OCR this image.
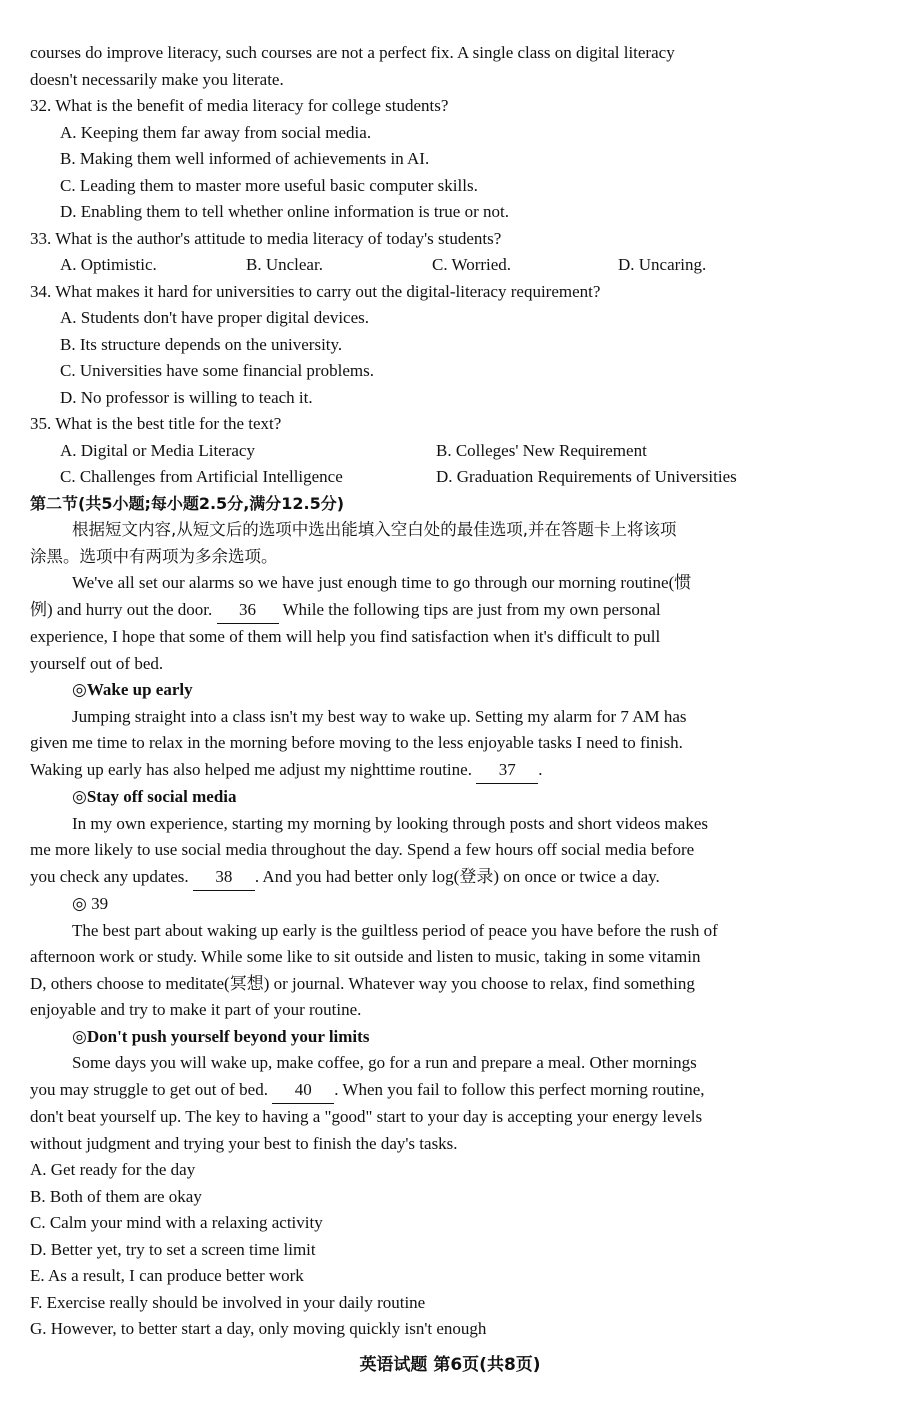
courses do improve literacy, such courses are not a perfect fix. A single class on digital literacy
doesn't necessarily make you literate.
32. What is the benefit of media literacy for college students?
A. Keeping them far away from social media.
B. Making them well informed of achievements in AI.
C. Leading them to master more useful basic computer skills.
D. Enabling them to tell whether online information is true or not.
33. What is the author's attitude to media literacy of today's students?
A. Optimistic.	B. Unclear.	C. Worried.	D. Uncaring.
34. What makes it hard for universities to carry out the digital-literacy requirement?
A. Students don't have proper digital devices.
B. Its structure depends on the university.
C. Universities have some financial problems.
D. No professor is willing to teach it.
35. What is the best title for the text?
A. Digital or Media Literacy	B. Colleges' New Requirement
C. Challenges from Artificial Intelligence	D. Graduation Requirements of Universities
第二节(共5小题;每小题2.5分,满分12.5分)
根据短文内容,从短文后的选项中选出能填入空白处的最佳选项,并在答题卡上将该项
涂黑。选项中有两项为多余选项。
We've all set our alarms so we have just enough time to go through our morning routine(惯
例) and hurry out the door. 36 While the following tips are just from my own personal
experience, I hope that some of them will help you find satisfaction when it's difficult to pull
yourself out of bed.
◎Wake up early
Jumping straight into a class isn't my best way to wake up. Setting my alarm for 7 AM has
given me time to relax in the morning before moving to the less enjoyable tasks I need to finish.
Waking up early has also helped me adjust my nighttime routine. 37 .
◎Stay off social media
In my own experience, starting my morning by looking through posts and short videos makes
me more likely to use social media throughout the day. Spend a few hours off social media before
you check any updates. 38 . And you had better only log(登录) on once or twice a day.
◎ 39
The best part about waking up early is the guiltless period of peace you have before the rush of
afternoon work or study. While some like to sit outside and listen to music, taking in some vitamin
D, others choose to meditate(冥想) or journal. Whatever way you choose to relax, find something
enjoyable and try to make it part of your routine.
◎Don't push yourself beyond your limits
Some days you will wake up, make coffee, go for a run and prepare a meal. Other mornings
you may struggle to get out of bed. 40 . When you fail to follow this perfect morning routine,
don't beat yourself up. The key to having a "good" start to your day is accepting your energy levels
without judgment and trying your best to finish the day's tasks.
A. Get ready for the day
B. Both of them are okay
C. Calm your mind with a relaxing activity
D. Better yet, try to set a screen time limit
E. As a result, I can produce better work
F. Exercise really should be involved in your daily routine
G. However, to better start a day, only moving quickly isn't enough
英语试题 第6页(共8页)
